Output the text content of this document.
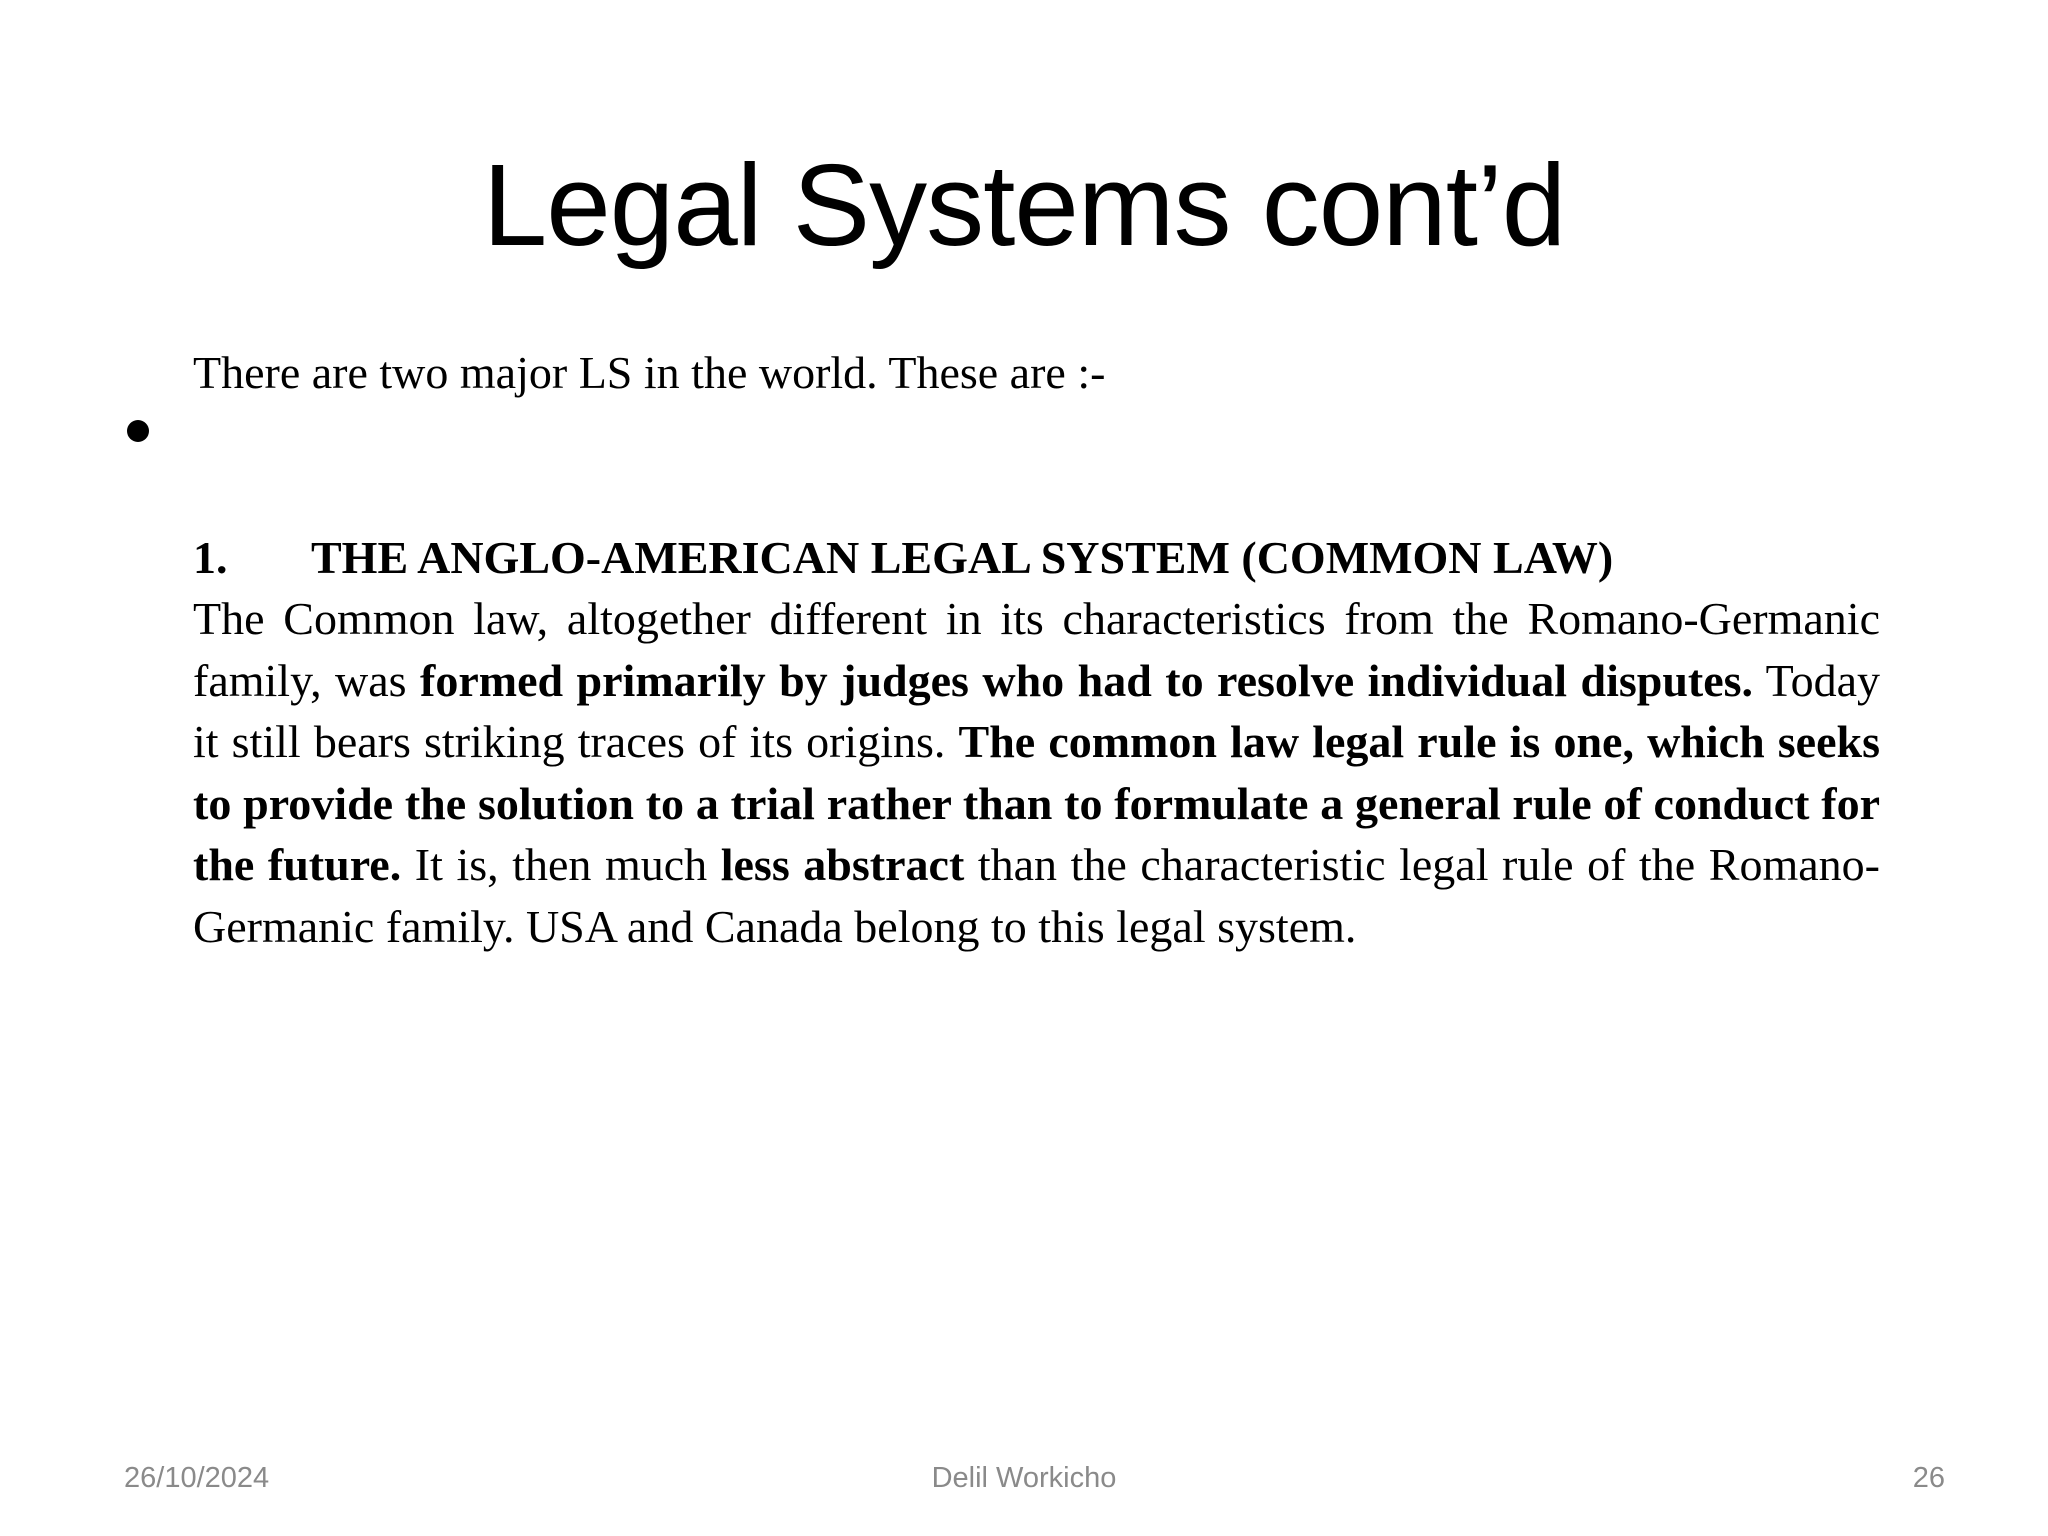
Legal Systems cont’d

There are two major LS in the world. These are :-

1. THE ANGLO-AMERICAN LEGAL SYSTEM (COMMON LAW)

The Common law, altogether different in its characteristics from the Romano-Germanic family, was formed primarily by judges who had to resolve individual disputes. Today it still bears striking traces of its origins. The common law legal rule is one, which seeks to provide the solution to a trial rather than to formulate a general rule of conduct for the future. It is, then much less abstract than the characteristic legal rule of the Romano-Germanic family. USA and Canada belong to this legal system.

26/10/2024	Delil Workicho	26
